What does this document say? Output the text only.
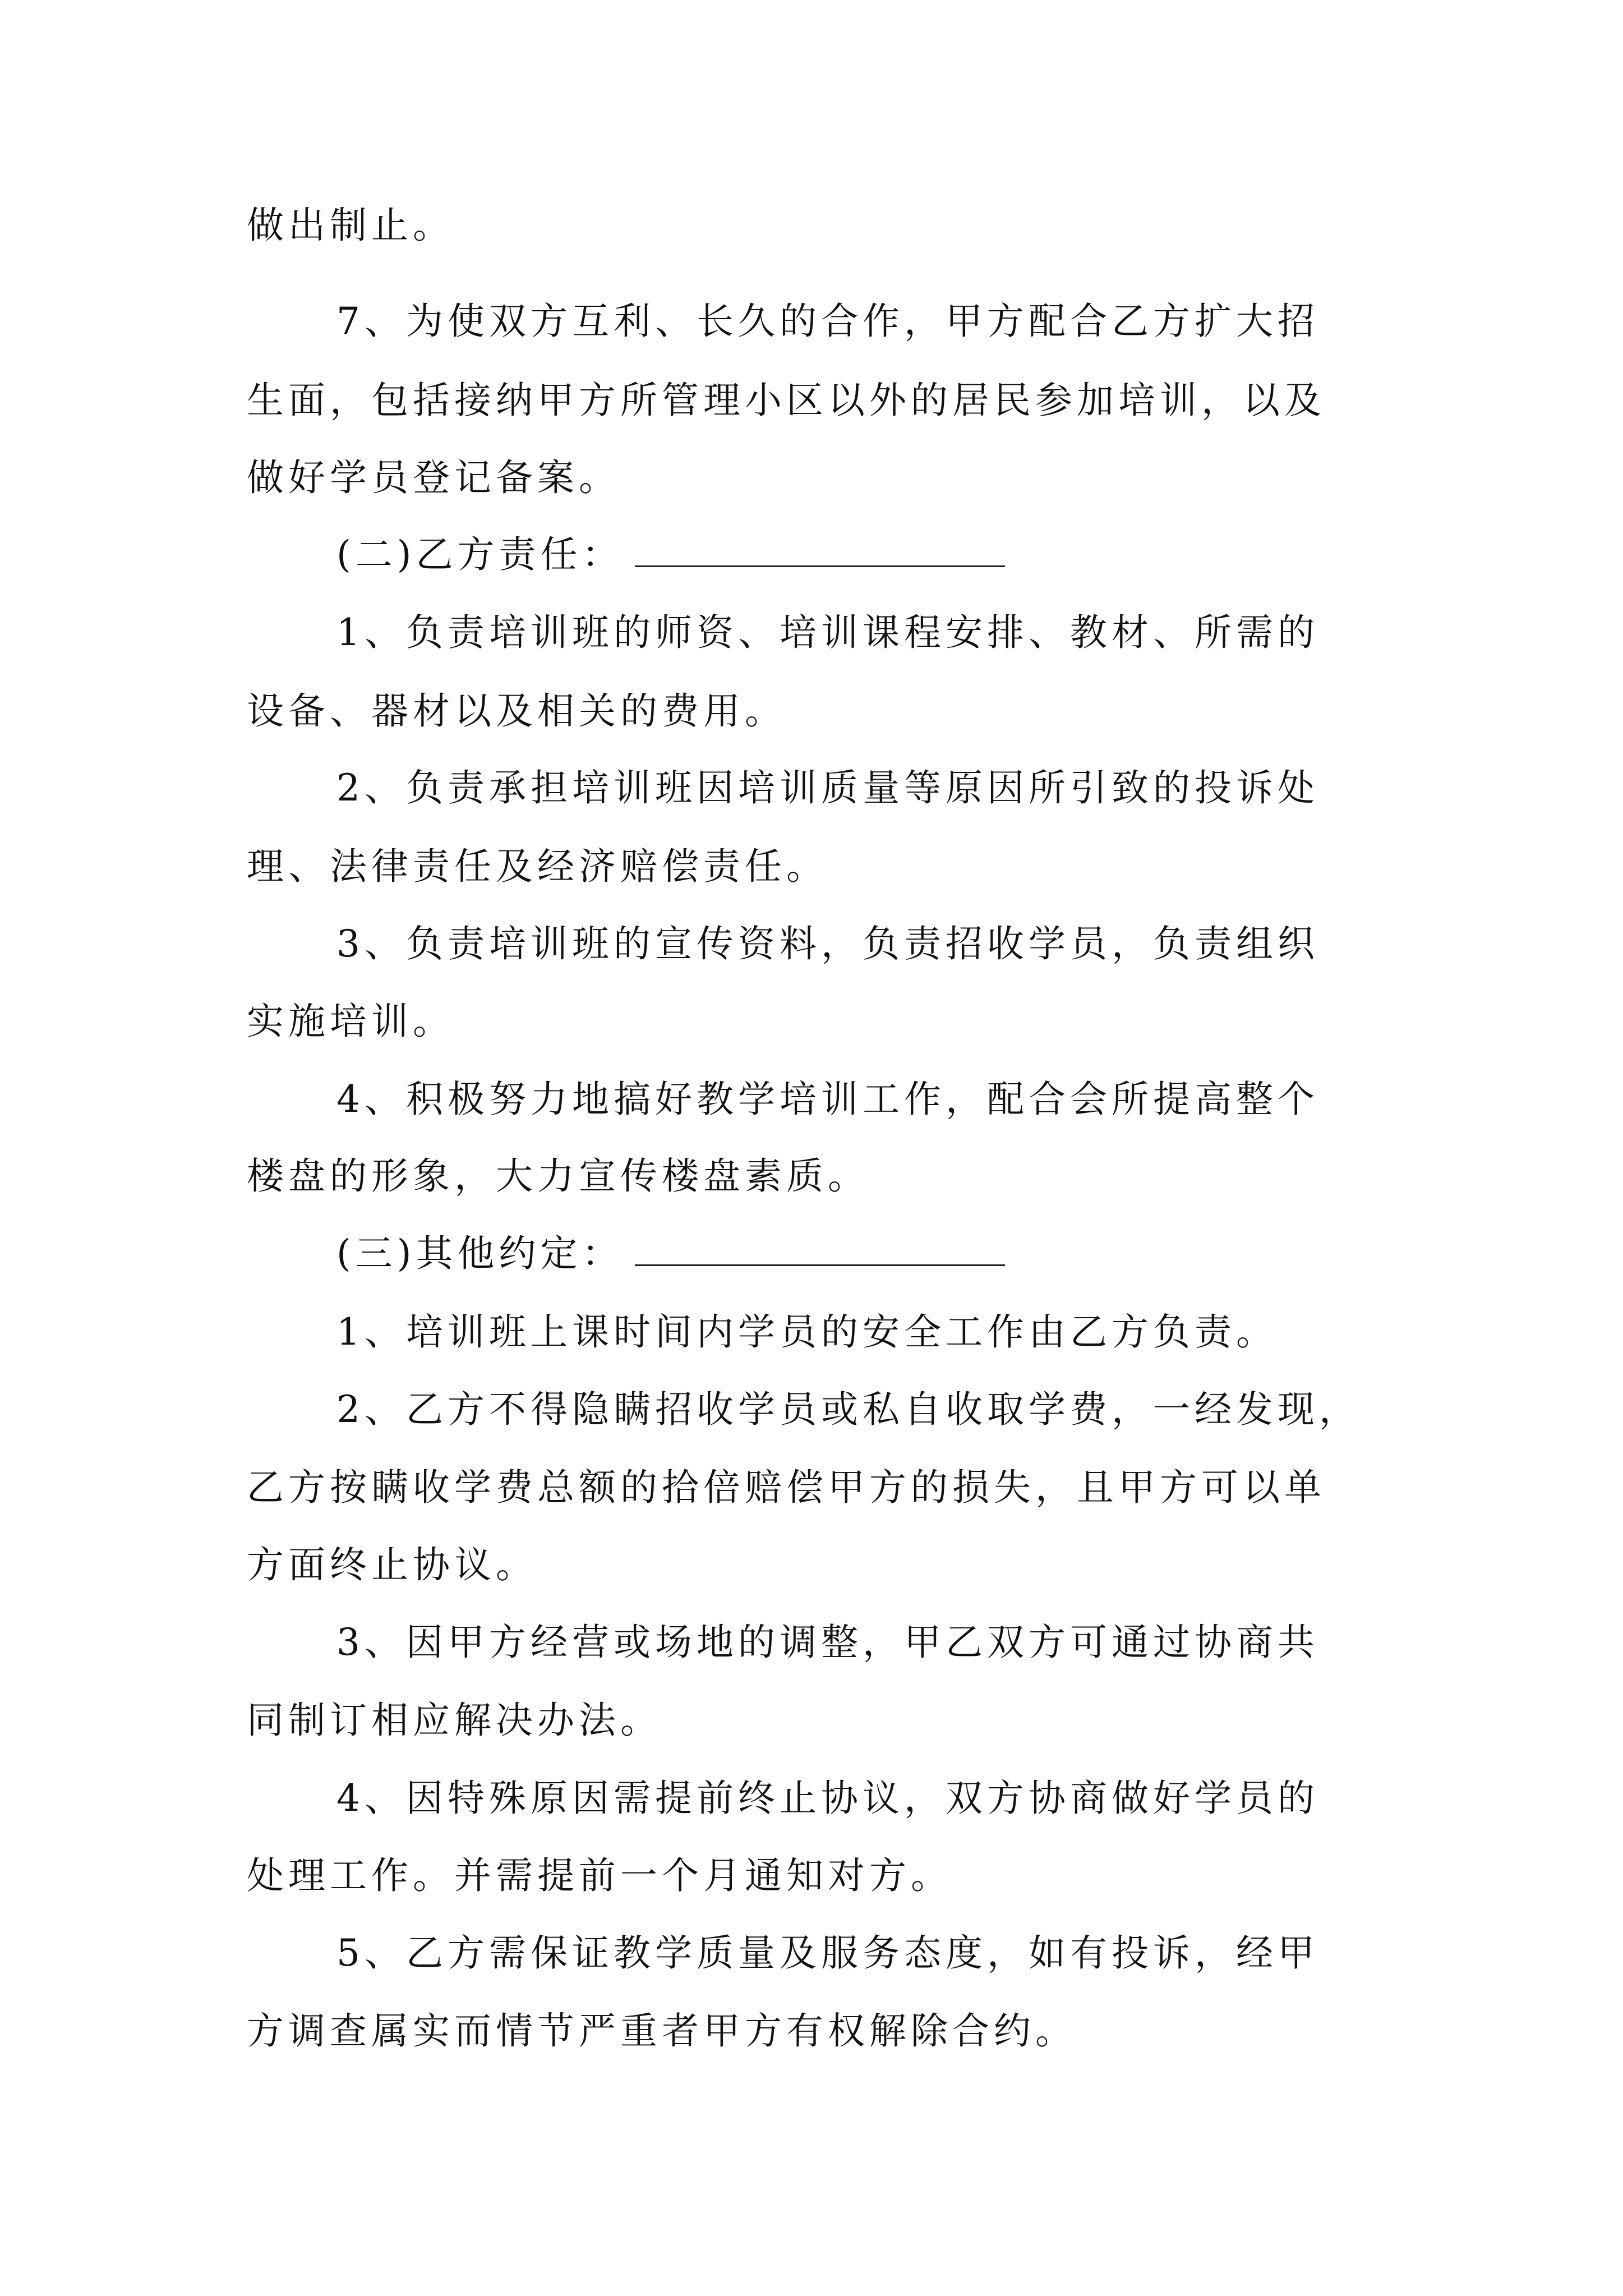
做出制止。
7、为使双方互利、长久的合作，甲方配合乙方扩大招
生面，包括接纳甲方所管理小区以外的居民参加培训，以及
做好学员登记备案。
(二)乙方责任：
1、负责培训班的师资、培训课程安排、教材、所需的
设备、器材以及相关的费用。
2、负责承担培训班因培训质量等原因所引致的投诉处
理、法律责任及经济赔偿责任。
3、负责培训班的宣传资料，负责招收学员，负责组织
实施培训。
4、积极努力地搞好教学培训工作，配合会所提高整个
楼盘的形象，大力宣传楼盘素质。
(三)其他约定：
1、培训班上课时间内学员的安全工作由乙方负责。
2、乙方不得隐瞒招收学员或私自收取学费，一经发现，
乙方按瞒收学费总额的拾倍赔偿甲方的损失，且甲方可以单
方面终止协议。
3、因甲方经营或场地的调整，甲乙双方可通过协商共
同制订相应解决办法。
4、因特殊原因需提前终止协议，双方协商做好学员的
处理工作。并需提前一个月通知对方。
5、乙方需保证教学质量及服务态度，如有投诉，经甲
方调查属实而情节严重者甲方有权解除合约。
